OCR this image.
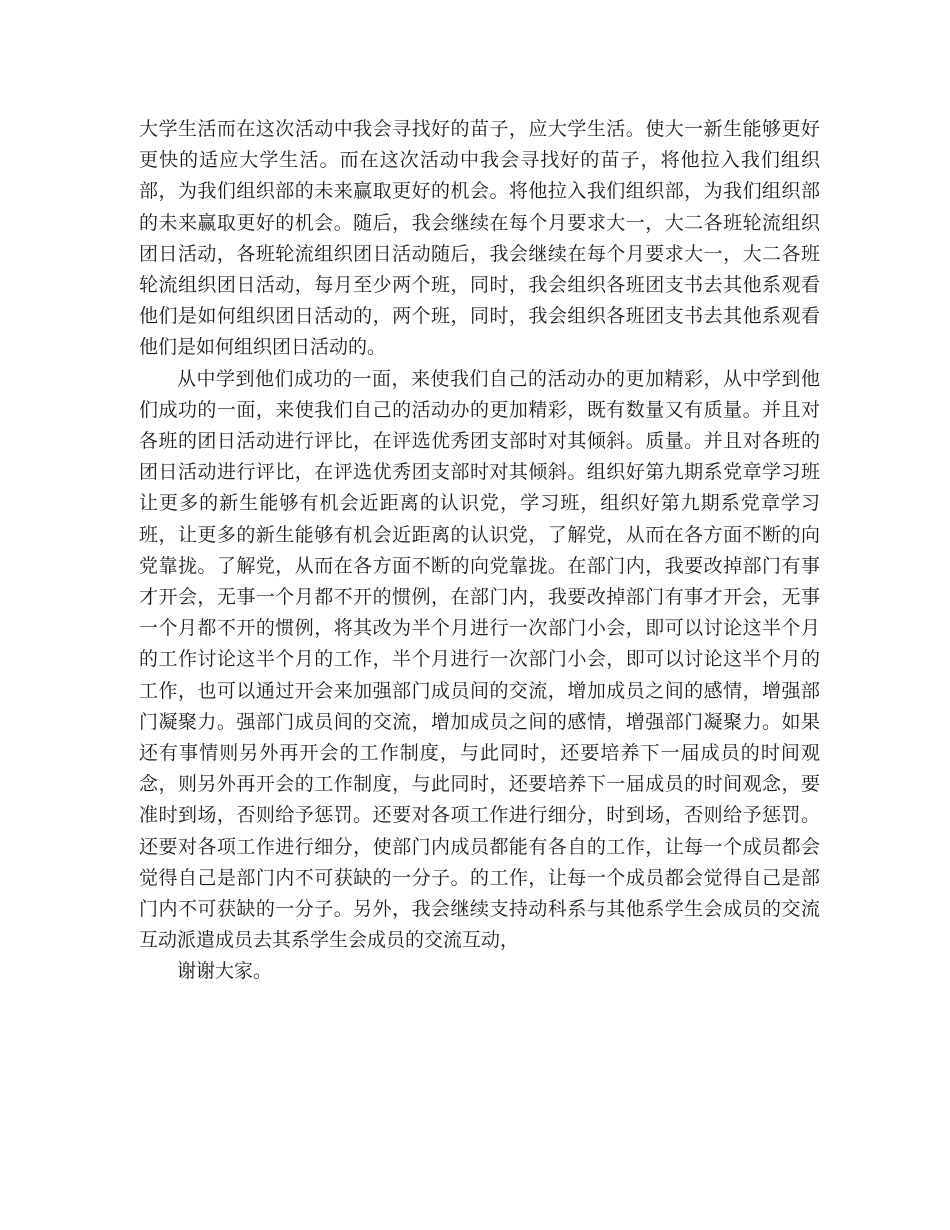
大学生活而在这次活动中我会寻找好的苗子，应大学生活。使大一新生能够更好更快的适应大学生活。而在这次活动中我会寻找好的苗子，将他拉入我们组织部，为我们组织部的未来赢取更好的机会。将他拉入我们组织部，为我们组织部的未来赢取更好的机会。随后，我会继续在每个月要求大一，大二各班轮流组织团日活动，各班轮流组织团日活动随后，我会继续在每个月要求大一，大二各班轮流组织团日活动，每月至少两个班，同时，我会组织各班团支书去其他系观看他们是如何组织团日活动的，两个班，同时，我会组织各班团支书去其他系观看他们是如何组织团日活动的。

从中学到他们成功的一面，来使我们自己的活动办的更加精彩，从中学到他们成功的一面，来使我们自己的活动办的更加精彩，既有数量又有质量。并且对各班的团日活动进行评比，在评选优秀团支部时对其倾斜。质量。并且对各班的团日活动进行评比，在评选优秀团支部时对其倾斜。组织好第九期系党章学习班让更多的新生能够有机会近距离的认识党，学习班，组织好第九期系党章学习班，让更多的新生能够有机会近距离的认识党，了解党，从而在各方面不断的向党靠拢。了解党，从而在各方面不断的向党靠拢。在部门内，我要改掉部门有事才开会，无事一个月都不开的惯例，在部门内，我要改掉部门有事才开会，无事一个月都不开的惯例，将其改为半个月进行一次部门小会，即可以讨论这半个月的工作讨论这半个月的工作，半个月进行一次部门小会，即可以讨论这半个月的工作，也可以通过开会来加强部门成员间的交流，增加成员之间的感情，增强部门凝聚力。强部门成员间的交流，增加成员之间的感情，增强部门凝聚力。如果还有事情则另外再开会的工作制度，与此同时，还要培养下一届成员的时间观念，则另外再开会的工作制度，与此同时，还要培养下一届成员的时间观念，要准时到场，否则给予惩罚。还要对各项工作进行细分，时到场，否则给予惩罚。还要对各项工作进行细分，使部门内成员都能有各自的工作，让每一个成员都会觉得自己是部门内不可获缺的一分子。的工作，让每一个成员都会觉得自己是部门内不可获缺的一分子。另外，我会继续支持动科系与其他系学生会成员的交流互动派遣成员去其系学生会成员的交流互动，

谢谢大家。
